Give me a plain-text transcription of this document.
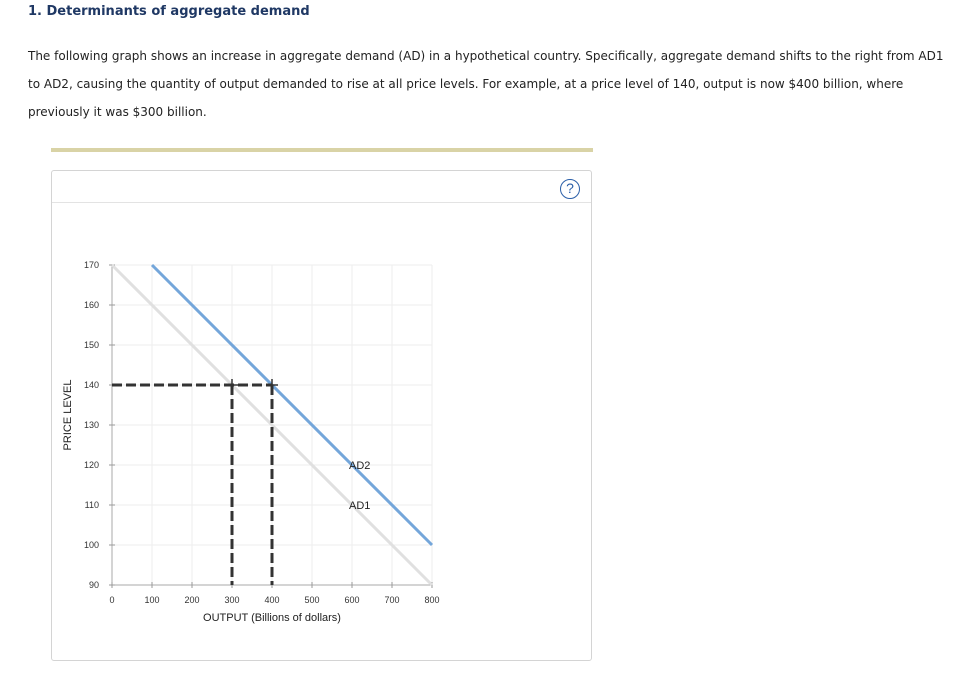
1. Determinants of aggregate demand
The following graph shows an increase in aggregate demand (AD) in a hypothetical country. Specifically, aggregate demand shifts to the right from AD1 to AD2, causing the quantity of output demanded to rise at all price levels. For example, at a price level of 140, output is now $400 billion, where previously it was $300 billion.
?
90
100
110
120
130
140
150
160
170
0	100	200	300	400	500	600	700	800
OUTPUT (Billions of dollars)
PRICE LEVEL
AD1
AD2
